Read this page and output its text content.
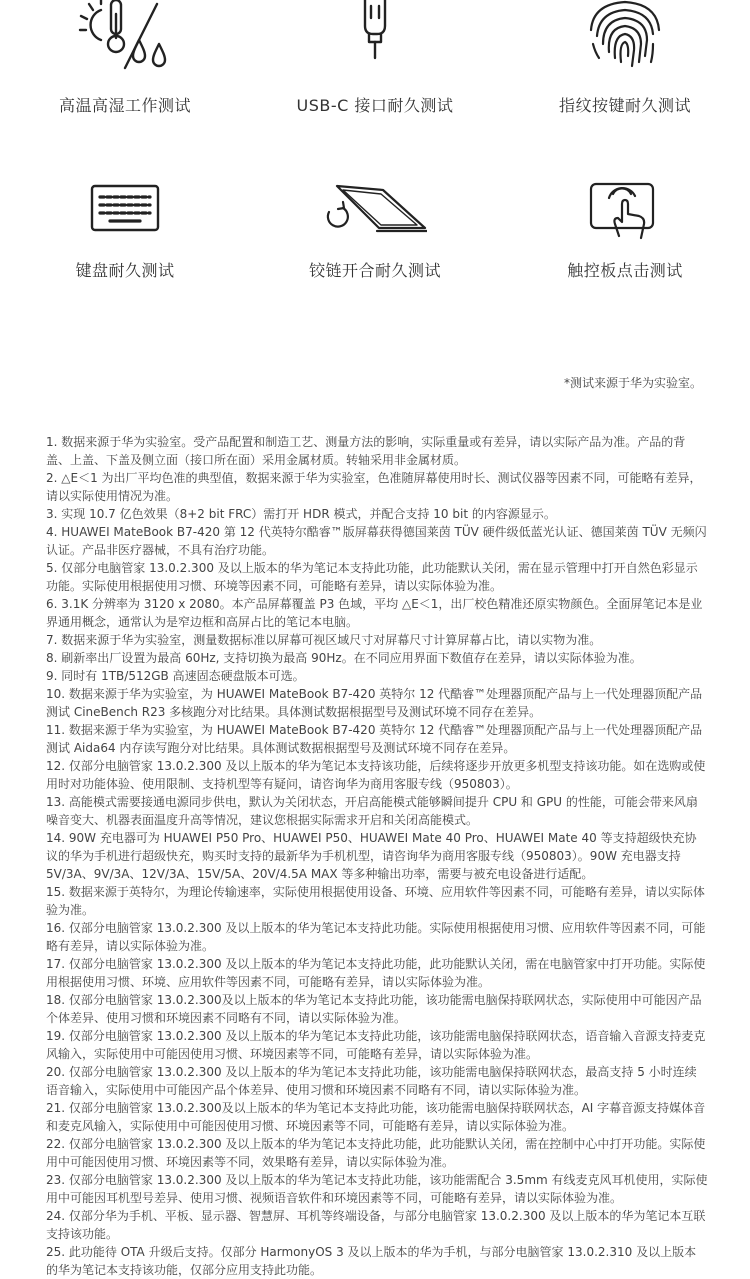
高温高湿工作测试	USB-C 接口耐久测试	指纹按键耐久测试
键盘耐久测试	铰链开合耐久测试	触控板点击测试
*测试来源于华为实验室。
1. 数据来源于华为实验室。受产品配置和制造工艺、测量方法的影响，实际重量或有差异，请以实际产品为准。产品的背盖、上盖、下盖及侧立面（接口所在面）采用金属材质。转轴采用非金属材质。
2. △E＜1 为出厂平均色准的典型值，数据来源于华为实验室，色准随屏幕使用时长、测试仪器等因素不同，可能略有差异，请以实际使用情况为准。
3. 实现 10.7 亿色效果（8+2 bit FRC）需打开 HDR 模式，并配合支持 10 bit 的内容源显示。
4. HUAWEI MateBook B7-420 第 12 代英特尔酷睿™版屏幕获得德国莱茵 TÜV 硬件级低蓝光认证、德国莱茵 TÜV 无频闪认证。产品非医疗器械，不具有治疗功能。
5. 仅部分电脑管家 13.0.2.300 及以上版本的华为笔记本支持此功能，此功能默认关闭，需在显示管理中打开自然色彩显示功能。实际使用根据使用习惯、环境等因素不同，可能略有差异，请以实际体验为准。
6. 3.1K 分辨率为 3120 x 2080。本产品屏幕覆盖 P3 色域，平均 △E＜1，出厂校色精准还原实物颜色。全面屏笔记本是业界通用概念，通常认为是窄边框和高屏占比的笔记本电脑。
7. 数据来源于华为实验室，测量数据标准以屏幕可视区域尺寸对屏幕尺寸计算屏幕占比，请以实物为准。
8. 刷新率出厂设置为最高 60Hz, 支持切换为最高 90Hz。在不同应用界面下数值存在差异，请以实际体验为准。
9. 同时有 1TB/512GB 高速固态硬盘版本可选。
10. 数据来源于华为实验室，为 HUAWEI MateBook B7-420 英特尔 12 代酷睿™处理器顶配产品与上一代处理器顶配产品测试 CineBench R23 多核跑分对比结果。具体测试数据根据型号及测试环境不同存在差异。
11. 数据来源于华为实验室，为 HUAWEI MateBook B7-420 英特尔 12 代酷睿™处理器顶配产品与上一代处理器顶配产品测试 Aida64 内存读写跑分对比结果。具体测试数据根据型号及测试环境不同存在差异。
12. 仅部分电脑管家 13.0.2.300 及以上版本的华为笔记本支持该功能，后续将逐步开放更多机型支持该功能。如在选购或使用时对功能体验、使用限制、支持机型等有疑问，请咨询华为商用客服专线（950803）。
13. 高能模式需要接通电源同步供电，默认为关闭状态，开启高能模式能够瞬间提升 CPU 和 GPU 的性能，可能会带来风扇噪音变大、机器表面温度升高等情况，建议您根据实际需求开启和关闭高能模式。
14. 90W 充电器可为 HUAWEI P50 Pro、HUAWEI P50、HUAWEI Mate 40 Pro、HUAWEI Mate 40 等支持超级快充协议的华为手机进行超级快充，购买时支持的最新华为手机机型，请咨询华为商用客服专线（950803）。90W 充电器支持 5V/3A、9V/3A、12V/3A、15V/5A、20V/4.5A MAX 等多种输出功率，需要与被充电设备进行适配。
15. 数据来源于英特尔，为理论传输速率，实际使用根据使用设备、环境、应用软件等因素不同，可能略有差异，请以实际体验为准。
16. 仅部分电脑管家 13.0.2.300 及以上版本的华为笔记本支持此功能。实际使用根据使用习惯、应用软件等因素不同，可能略有差异，请以实际体验为准。
17. 仅部分电脑管家 13.0.2.300 及以上版本的华为笔记本支持此功能，此功能默认关闭，需在电脑管家中打开功能。实际使用根据使用习惯、环境、应用软件等因素不同，可能略有差异，请以实际体验为准。
18. 仅部分电脑管家 13.0.2.300及以上版本的华为笔记本支持此功能，该功能需电脑保持联网状态，实际使用中可能因产品个体差异、使用习惯和环境因素不同略有不同，请以实际体验为准。
19. 仅部分电脑管家 13.0.2.300 及以上版本的华为笔记本支持此功能，该功能需电脑保持联网状态，语音输入音源支持麦克风输入，实际使用中可能因使用习惯、环境因素等不同，可能略有差异，请以实际体验为准。
20. 仅部分电脑管家 13.0.2.300 及以上版本的华为笔记本支持此功能，该功能需电脑保持联网状态，最高支持 5 小时连续语音输入，实际使用中可能因产品个体差异、使用习惯和环境因素不同略有不同，请以实际体验为准。
21. 仅部分电脑管家 13.0.2.300及以上版本的华为笔记本支持此功能，该功能需电脑保持联网状态，AI 字幕音源支持媒体音和麦克风输入，实际使用中可能因使用习惯、环境因素等不同，可能略有差异，请以实际体验为准。
22. 仅部分电脑管家 13.0.2.300 及以上版本的华为笔记本支持此功能，此功能默认关闭，需在控制中心中打开功能。实际使用中可能因使用习惯、环境因素等不同，效果略有差异，请以实际体验为准。
23. 仅部分电脑管家 13.0.2.300 及以上版本的华为笔记本支持此功能，该功能需配合 3.5mm 有线麦克风耳机使用，实际使用中可能因耳机型号差异、使用习惯、视频语音软件和环境因素等不同，可能略有差异，请以实际体验为准。
24. 仅部分华为手机、平板、显示器、智慧屏、耳机等终端设备，与部分电脑管家 13.0.2.300 及以上版本的华为笔记本互联支持该功能。
25. 此功能待 OTA 升级后支持。仅部分 HarmonyOS 3 及以上版本的华为手机，与部分电脑管家 13.0.2.310 及以上版本的华为笔记本支持该功能，仅部分应用支持此功能。
